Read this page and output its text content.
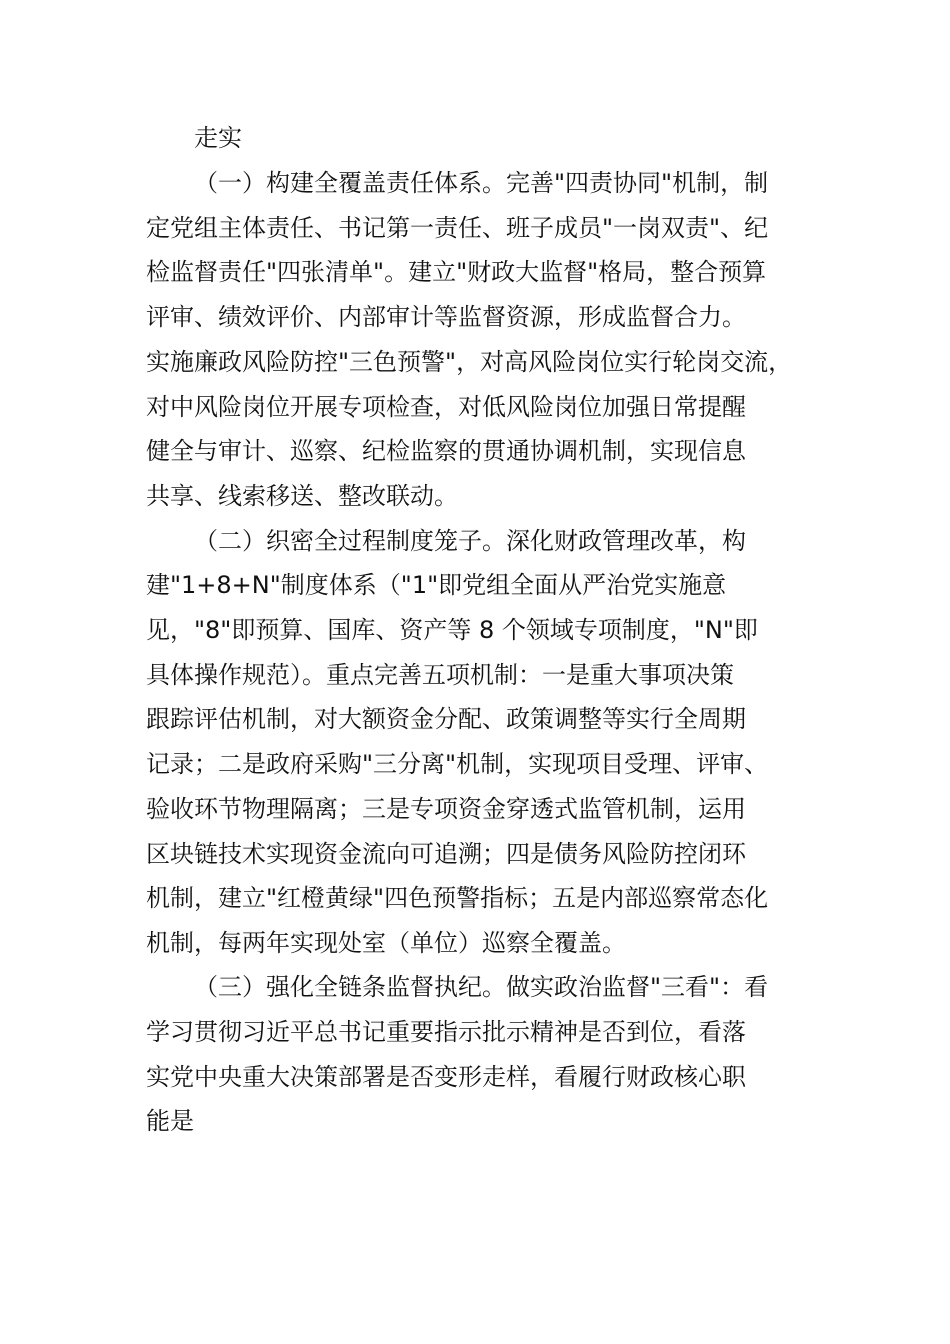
走实
（一）构建全覆盖责任体系。完善"四责协同"机制，制
定党组主体责任、书记第一责任、班子成员"一岗双责"、纪
检监督责任"四张清单"。建立"财政大监督"格局，整合预算
评审、绩效评价、内部审计等监督资源，形成监督合力。
实施廉政风险防控"三色预警"，对高风险岗位实行轮岗交流，
对中风险岗位开展专项检查，对低风险岗位加强日常提醒
健全与审计、巡察、纪检监察的贯通协调机制，实现信息
共享、线索移送、整改联动。
（二）织密全过程制度笼子。深化财政管理改革，构
建"1+8+N"制度体系（"1"即党组全面从严治党实施意
见，"8"即预算、国库、资产等 8 个领域专项制度，"N"即
具体操作规范）。重点完善五项机制：一是重大事项决策
跟踪评估机制，对大额资金分配、政策调整等实行全周期
记录；二是政府采购"三分离"机制，实现项目受理、评审、
验收环节物理隔离；三是专项资金穿透式监管机制，运用
区块链技术实现资金流向可追溯；四是债务风险防控闭环
机制，建立"红橙黄绿"四色预警指标；五是内部巡察常态化
机制，每两年实现处室（单位）巡察全覆盖。
（三）强化全链条监督执纪。做实政治监督"三看"：看
学习贯彻习近平总书记重要指示批示精神是否到位，看落
实党中央重大决策部署是否变形走样，看履行财政核心职
能是
